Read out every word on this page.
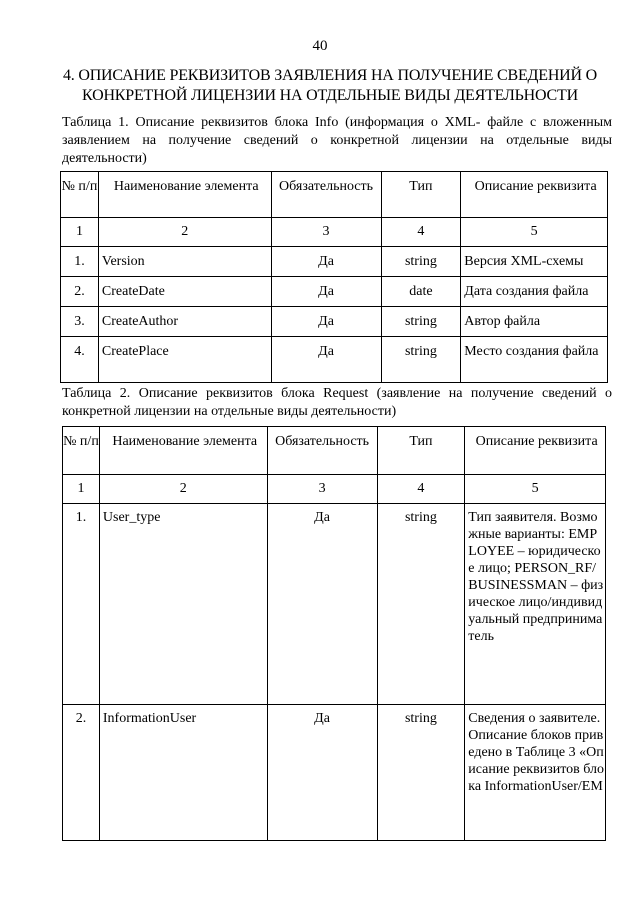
40
4. ОПИСАНИЕ РЕКВИЗИТОВ ЗАЯВЛЕНИЯ НА ПОЛУЧЕНИЕ СВЕДЕНИЙ О КОНКРЕТНОЙ ЛИЦЕНЗИИ НА ОТДЕЛЬНЫЕ ВИДЫ ДЕЯТЕЛЬНОСТИ
Таблица 1. Описание реквизитов блока Info (информация о XML- файле с вложенным заявлением на получение сведений о конкретной лицензии на отдельные виды деятельности)
№ п/п	Наименование элемента	Обязательность	Тип	Описание реквизита
1	2	3	4	5
1.	Version	Да	string	Версия XML-схемы
2.	CreateDate	Да	date	Дата создания файла
3.	CreateAuthor	Да	string	Автор файла
4.	CreatePlace	Да	string	Место создания файла
Таблица 2. Описание реквизитов блока Request (заявление на получение сведений о конкретной лицензии на отдельные виды деятельности)
№ п/п	Наименование элемента	Обязательность	Тип	Описание реквизита
1	2	3	4	5
1.	User_type	Да	string	Тип заявителя. Возможные варианты: EMPLOYEE – юридическое лицо; PERSON_RF/BUSINESSMAN – физическое лицо/индивидуальный предприниматель
2.	InformationUser	Да	string	Сведения о заявителе. Описание блоков приведено в Таблице 3 «Описание реквизитов блока InformationUser/EM
